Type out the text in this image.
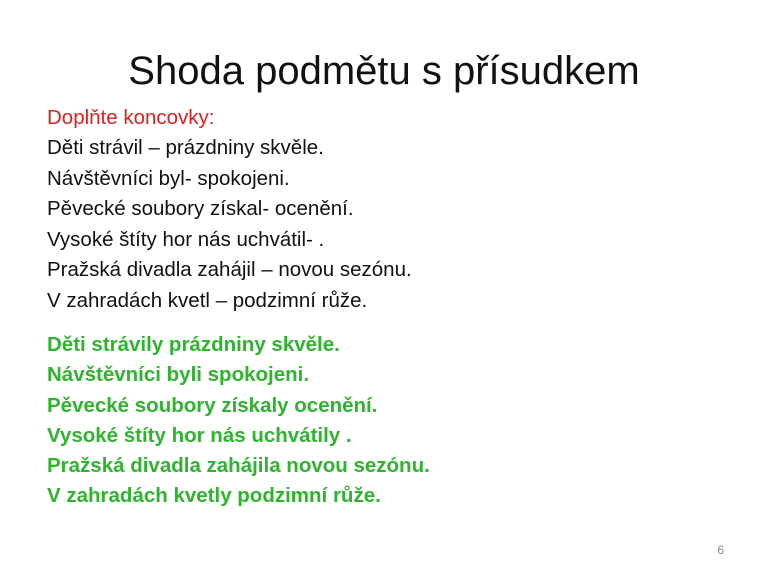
Shoda podmětu s přísudkem
Doplňte koncovky:
Děti strávil – prázdniny skvěle.
Návštěvníci byl- spokojeni.
Pěvecké soubory získal- ocenění.
Vysoké štíty hor nás uchvátil- .
Pražská divadla zahájil – novou sezónu.
V zahradách kvetl – podzimní růže.
Děti strávily prázdniny skvěle.
Návštěvníci byli spokojeni.
Pěvecké soubory získaly ocenění.
Vysoké štíty hor nás uchvátily .
Pražská divadla zahájila novou sezónu.
V zahradách kvetly podzimní růže.
6
